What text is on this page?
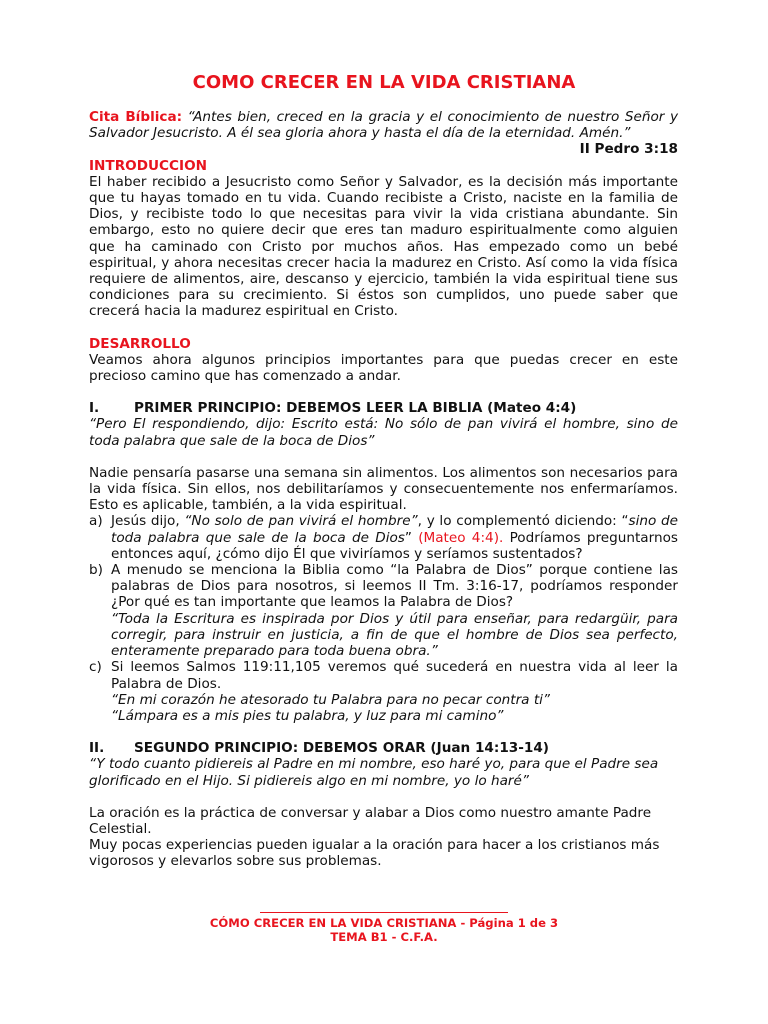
COMO CRECER EN LA VIDA CRISTIANA

Cita Bíblica: “Antes bien, creced en la gracia y el conocimiento de nuestro Señor y Salvador Jesucristo. A él sea gloria ahora y hasta el día de la eternidad. Amén.”

II Pedro 3:18

INTRODUCCION

El haber recibido a Jesucristo como Señor y Salvador, es la decisión más importante que tu hayas tomado en tu vida. Cuando recibiste a Cristo, naciste en la familia de Dios, y recibiste todo lo que necesitas para vivir la vida cristiana abundante. Sin embargo, esto no quiere decir que eres tan maduro espiritualmente como alguien que ha caminado con Cristo por muchos años. Has empezado como un bebé espiritual, y ahora necesitas crecer hacia la madurez en Cristo. Así como la vida física requiere de alimentos, aire, descanso y ejercicio, también la vida espiritual tiene sus condiciones para su crecimiento. Si éstos son cumplidos, uno puede saber que crecerá hacia la madurez espiritual en Cristo.

DESARROLLO

Veamos ahora algunos principios importantes para que puedas crecer en este precioso camino que has comenzado a andar.

I.	PRIMER PRINCIPIO: DEBEMOS LEER LA BIBLIA (Mateo 4:4)

“Pero El respondiendo, dijo: Escrito está: No sólo de pan vivirá el hombre, sino de toda palabra que sale de la boca de Dios”

Nadie pensaría pasarse una semana sin alimentos. Los alimentos son necesarios para la vida física. Sin ellos, nos debilitaríamos y consecuentemente nos enfermaríamos. Esto es aplicable, también, a la vida espiritual.

a) Jesús dijo, “No solo de pan vivirá el hombre”, y lo complementó diciendo: “sino de toda palabra que sale de la boca de Dios” (Mateo 4:4). Podríamos preguntarnos entonces aquí, ¿cómo dijo Él que viviríamos y seríamos sustentados?
b) A menudo se menciona la Biblia como “la Palabra de Dios” porque contiene las palabras de Dios para nosotros, si leemos II Tm. 3:16-17, podríamos responder ¿Por qué es tan importante que leamos la Palabra de Dios?
“Toda la Escritura es inspirada por Dios y útil para enseñar, para redargüir, para corregir, para instruir en justicia, a fin de que el hombre de Dios sea perfecto, enteramente preparado para toda buena obra.”
c) Si leemos Salmos 119:11,105 veremos qué sucederá en nuestra vida al leer la Palabra de Dios.
“En mi corazón he atesorado tu Palabra para no pecar contra ti”
“Lámpara es a mis pies tu palabra, y luz para mi camino”
II.	SEGUNDO PRINCIPIO: DEBEMOS ORAR (Juan 14:13-14)

“Y todo cuanto pidiereis al Padre en mi nombre, eso haré yo, para que el Padre sea glorificado en el Hijo. Si pidiereis algo en mi nombre, yo lo haré”

La oración es la práctica de conversar y alabar a Dios como nuestro amante Padre Celestial.

Muy pocas experiencias pueden igualar a la oración para hacer a los cristianos más vigorosos y elevarlos sobre sus problemas.

CÓMO CRECER EN LA VIDA CRISTIANA - Página 1 de 3
TEMA B1 - C.F.A.
